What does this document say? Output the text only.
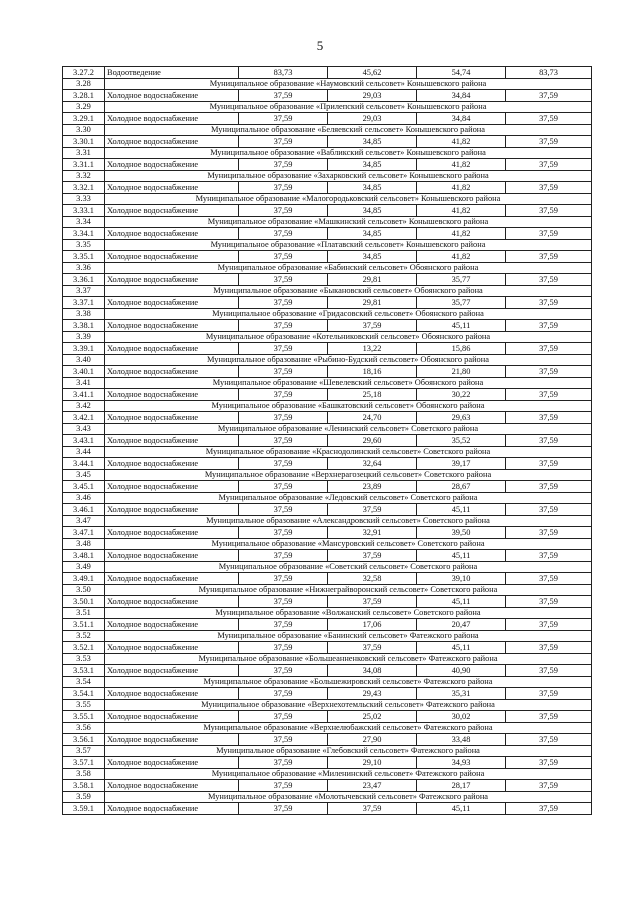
5
3.27.2	Водоотведение	83,73	45,62	54,74	83,73
3.28	Муниципальное образование «Наумовский сельсовет» Конышевского района				
3.28.1	Холодное водоснабжение	37,59	29,03	34,84	37,59
3.29	Муниципальное образование «Прилепский сельсовет» Конышевского района				
3.29.1	Холодное водоснабжение	37,59	29,03	34,84	37,59
3.30	Муниципальное образование «Беляевский сельсовет» Конышевского района				
3.30.1	Холодное водоснабжение	37,59	34,85	41,82	37,59
3.31	Муниципальное образование «Вабликский сельсовет» Конышевского района				
3.31.1	Холодное водоснабжение	37,59	34,85	41,82	37,59
3.32	Муниципальное образование «Захарковский сельсовет» Конышевского района				
3.32.1	Холодное водоснабжение	37,59	34,85	41,82	37,59
3.33	Муниципальное образование «Малогородьковский сельсовет» Конышевского района				
3.33.1	Холодное водоснабжение	37,59	34,85	41,82	37,59
3.34	Муниципальное образование «Машкинский сельсовет» Конышевского района				
3.34.1	Холодное водоснабжение	37,59	34,85	41,82	37,59
3.35	Муниципальное образование «Платавский сельсовет» Конышевского района				
3.35.1	Холодное водоснабжение	37,59	34,85	41,82	37,59
3.36	Муниципальное образование «Бабинский сельсовет» Обоянского района				
3.36.1	Холодное водоснабжение	37,59	29,81	35,77	37,59
3.37	Муниципальное образование «Быкановский сельсовет» Обоянского района				
3.37.1	Холодное водоснабжение	37,59	29,81	35,77	37,59
3.38	Муниципальное образование «Гридасовский сельсовет» Обоянского района				
3.38.1	Холодное водоснабжение	37,59	37,59	45,11	37,59
3.39	Муниципальное образование «Котельниковский сельсовет» Обоянского района				
3.39.1	Холодное водоснабжение	37,59	13,22	15,86	37,59
3.40	Муниципальное образование «Рыбино-Будский сельсовет» Обоянского района				
3.40.1	Холодное водоснабжение	37,59	18,16	21,80	37,59
3.41	Муниципальное образование «Шевелевский сельсовет» Обоянского района				
3.41.1	Холодное водоснабжение	37,59	25,18	30,22	37,59
3.42	Муниципальное образование «Башкатовский сельсовет» Обоянского района				
3.42.1	Холодное водоснабжение	37,59	24,70	29,63	37,59
3.43	Муниципальное образование «Ленинский сельсовет» Советского района				
3.43.1	Холодное водоснабжение	37,59	29,60	35,52	37,59
3.44	Муниципальное образование «Краснодолинский сельсовет» Советского района				
3.44.1	Холодное водоснабжение	37,59	32,64	39,17	37,59
3.45	Муниципальное образование «Верхнерагозецкий сельсовет» Советского района				
3.45.1	Холодное водоснабжение	37,59	23,89	28,67	37,59
3.46	Муниципальное образование «Ледовский сельсовет» Советского района				
3.46.1	Холодное водоснабжение	37,59	37,59	45,11	37,59
3.47	Муниципальное образование «Александровский сельсовет» Советского района				
3.47.1	Холодное водоснабжение	37,59	32,91	39,50	37,59
3.48	Муниципальное образование «Мансуровский сельсовет» Советского района				
3.48.1	Холодное водоснабжение	37,59	37,59	45,11	37,59
3.49	Муниципальное образование «Советский сельсовет» Советского района				
3.49.1	Холодное водоснабжение	37,59	32,58	39,10	37,59
3.50	Муниципальное образование «Нижнеграйворонский сельсовет» Советского района				
3.50.1	Холодное водоснабжение	37,59	37,59	45,11	37,59
3.51	Муниципальное образование «Волжанский сельсовет» Советского района				
3.51.1	Холодное водоснабжение	37,59	17,06	20,47	37,59
3.52	Муниципальное образование «Банинский сельсовет» Фатежского района				
3.52.1	Холодное водоснабжение	37,59	37,59	45,11	37,59
3.53	Муниципальное образование «Большеанненковский сельсовет» Фатежского района				
3.53.1	Холодное водоснабжение	37,59	34,08	40,90	37,59
3.54	Муниципальное образование «Большежировский сельсовет» Фатежского района				
3.54.1	Холодное водоснабжение	37,59	29,43	35,31	37,59
3.55	Муниципальное образование «Верхнехотемльский сельсовет» Фатежского района				
3.55.1	Холодное водоснабжение	37,59	25,02	30,02	37,59
3.56	Муниципальное образование «Верхнелюбажский сельсовет» Фатежского района				
3.56.1	Холодное водоснабжение	37,59	27,90	33,48	37,59
3.57	Муниципальное образование «Глебовский сельсовет» Фатежского района				
3.57.1	Холодное водоснабжение	37,59	29,10	34,93	37,59
3.58	Муниципальное образование «Миленинский сельсовет» Фатежского района				
3.58.1	Холодное водоснабжение	37,59	23,47	28,17	37,59
3.59	Муниципальное образование «Молотычевский сельсовет» Фатежского района				
3.59.1	Холодное водоснабжение	37,59	37,59	45,11	37,59
